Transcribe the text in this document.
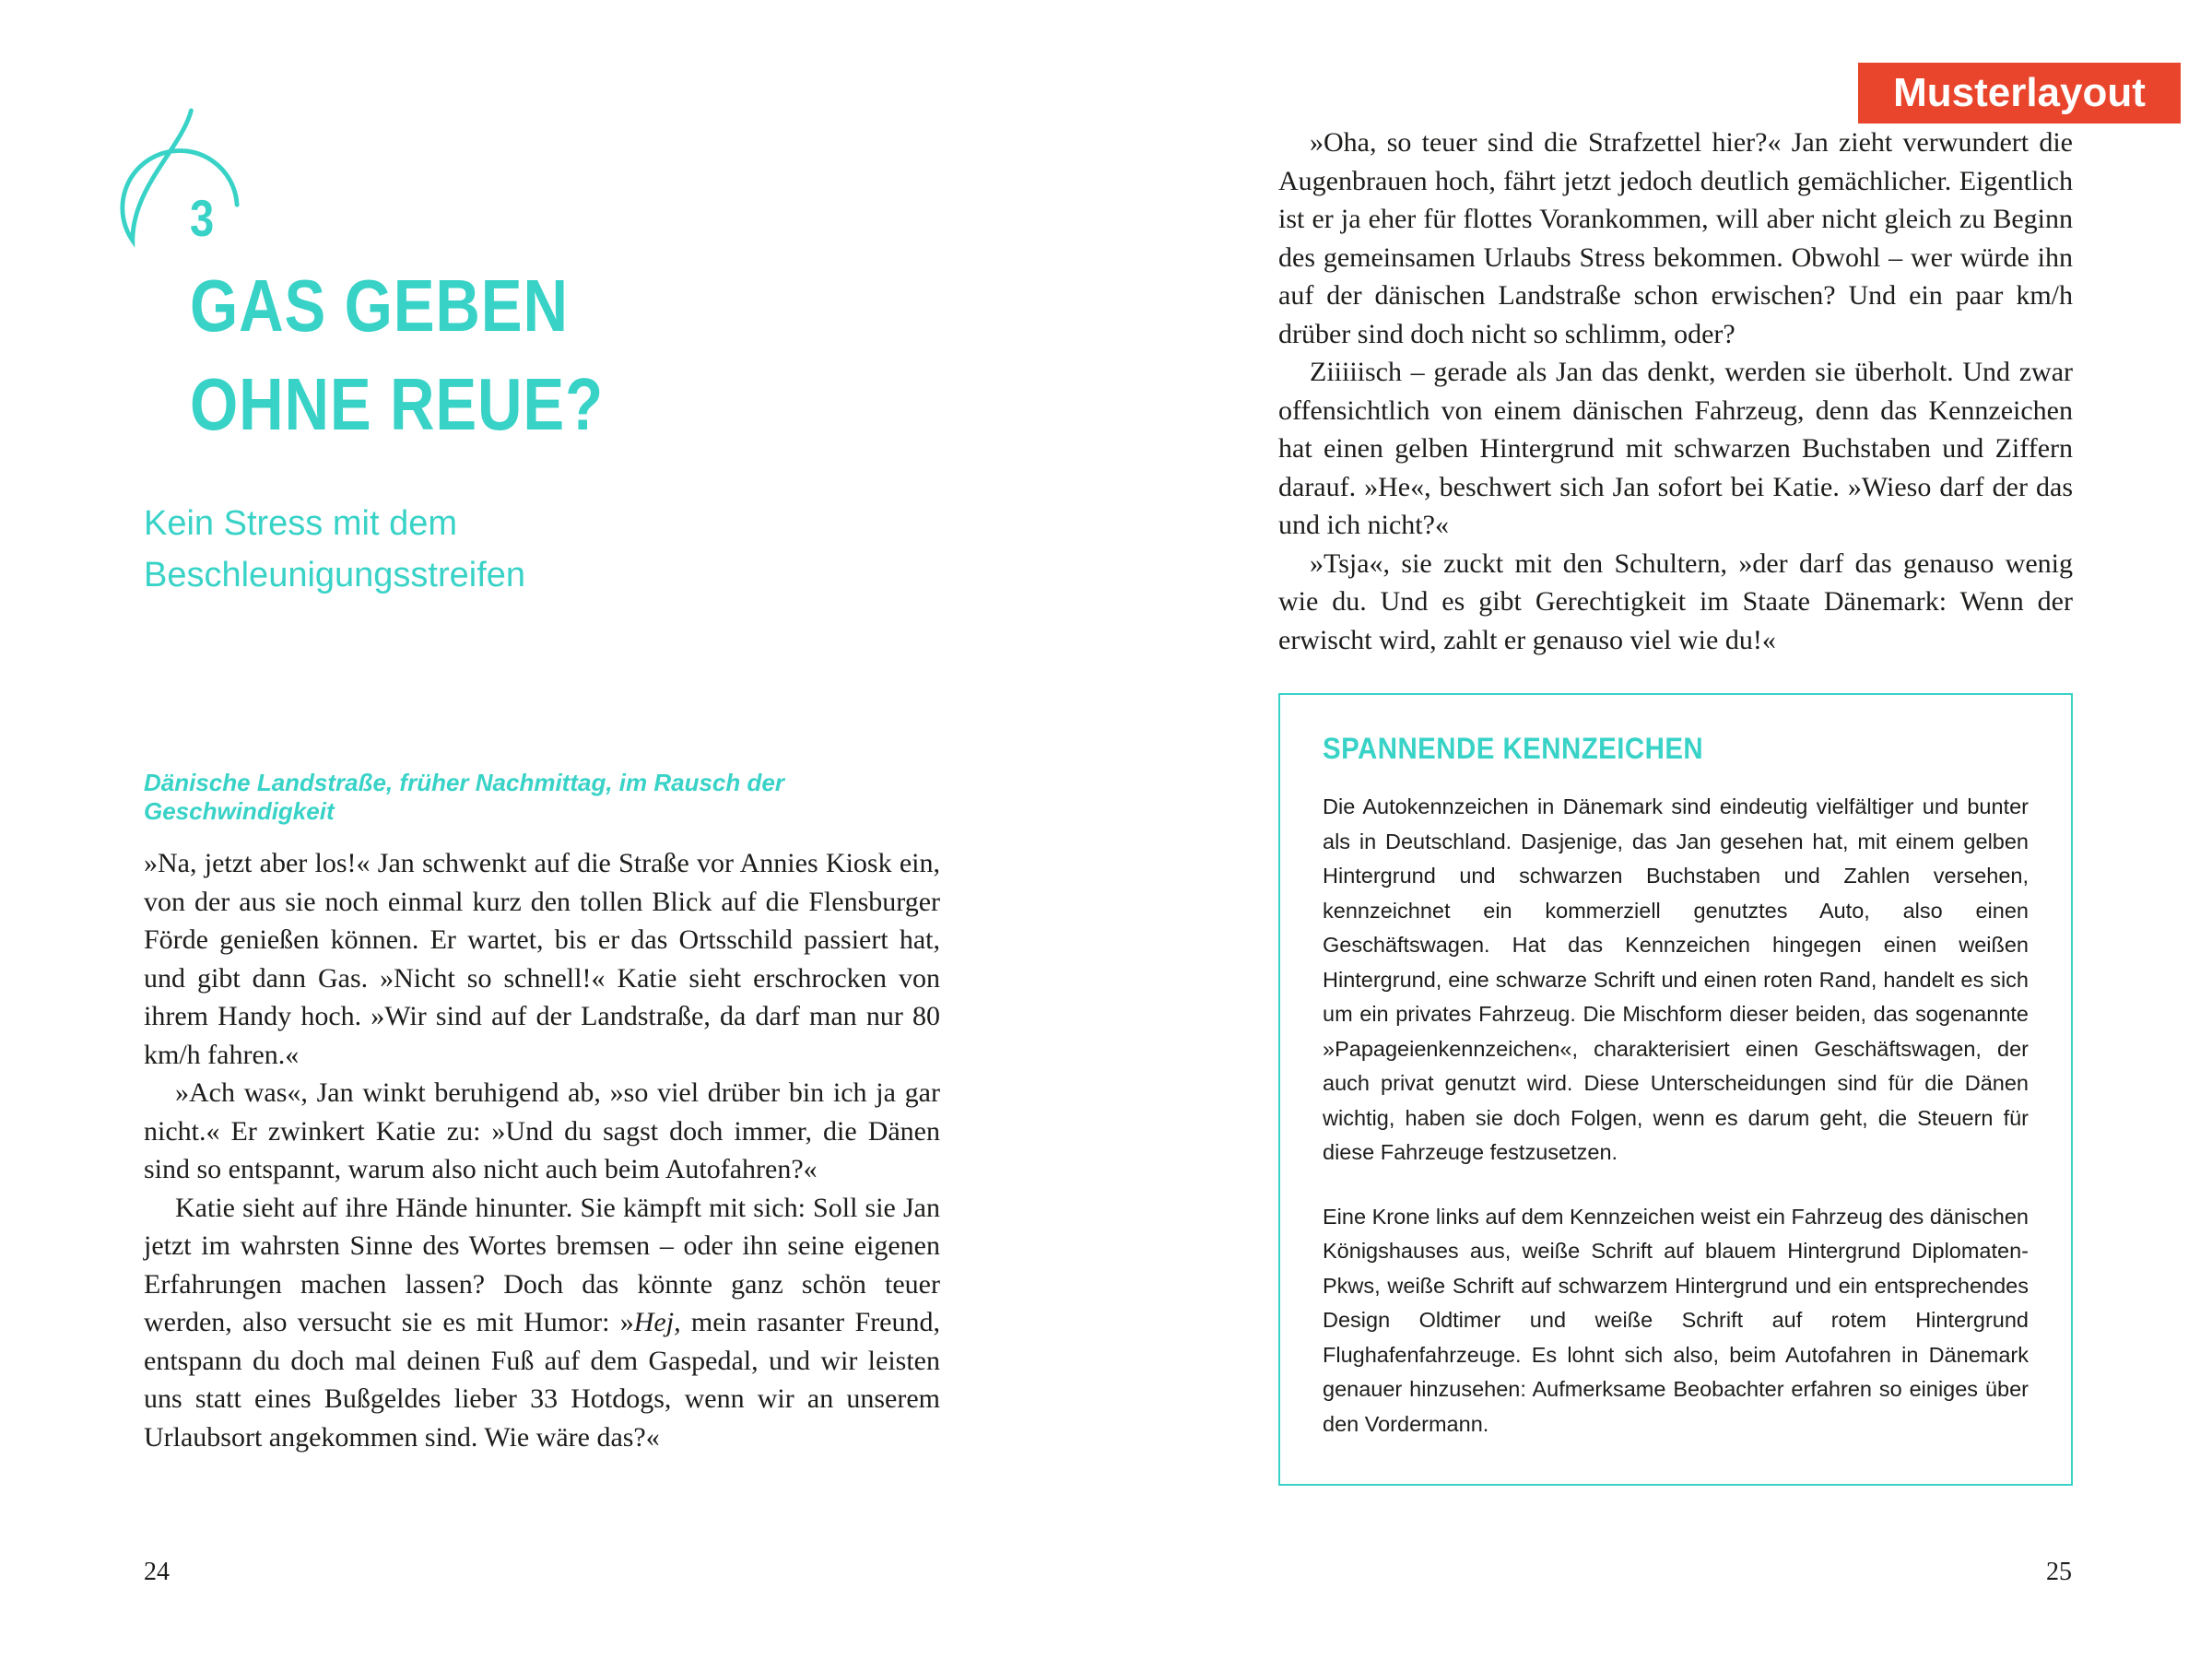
3
GAS GEBEN
OHNE REUE?
Kein Stress mit dem
Beschleunigungsstreifen
Dänische Landstraße, früher Nachmittag, im Rausch der Geschwindigkeit

»Na, jetzt aber los!« Jan schwenkt auf die Straße vor Annies Kiosk ein, von der aus sie noch einmal kurz den tollen Blick auf die Flensburger Förde genießen können. Er wartet, bis er das Ortsschild passiert hat, und gibt dann Gas. »Nicht so schnell!« Katie sieht erschrocken von ihrem Handy hoch. »Wir sind auf der Landstraße, da darf man nur 80 km/h fahren.«

»Ach was«, Jan winkt beruhigend ab, »so viel drüber bin ich ja gar nicht.« Er zwinkert Katie zu: »Und du sagst doch immer, die Dänen sind so entspannt, warum also nicht auch beim Autofahren?«

Katie sieht auf ihre Hände hinunter. Sie kämpft mit sich: Soll sie Jan jetzt im wahrsten Sinne des Wortes bremsen – oder ihn seine eigenen Erfahrungen machen lassen? Doch das könnte ganz schön teuer werden, also versucht sie es mit Humor: »Hej, mein rasanter Freund, entspann du doch mal deinen Fuß auf dem Gaspedal, und wir leisten uns statt eines Bußgeldes lieber 33 Hotdogs, wenn wir an unserem Urlaubsort angekommen sind. Wie wäre das?«

24
Musterlayout

»Oha, so teuer sind die Strafzettel hier?« Jan zieht verwundert die Augenbrauen hoch, fährt jetzt jedoch deutlich gemächlicher. Eigentlich ist er ja eher für flottes Vorankommen, will aber nicht gleich zu Beginn des gemeinsamen Urlaubs Stress bekommen. Obwohl – wer würde ihn auf der dänischen Landstraße schon erwischen? Und ein paar km/h drüber sind doch nicht so schlimm, oder?

Ziiiiisch – gerade als Jan das denkt, werden sie überholt. Und zwar offensichtlich von einem dänischen Fahrzeug, denn das Kennzeichen hat einen gelben Hintergrund mit schwarzen Buchstaben und Ziffern darauf. »He«, beschwert sich Jan sofort bei Katie. »Wieso darf der das und ich nicht?«

»Tsja«, sie zuckt mit den Schultern, »der darf das genauso wenig wie du. Und es gibt Gerechtigkeit im Staate Dänemark: Wenn der erwischt wird, zahlt er genauso viel wie du!«

SPANNENDE KENNZEICHEN

Die Autokennzeichen in Dänemark sind eindeutig vielfältiger und bunter als in Deutschland. Dasjenige, das Jan gesehen hat, mit einem gelben Hintergrund und schwarzen Buchstaben und Zahlen versehen, kennzeichnet ein kommerziell genutztes Auto, also einen Geschäftswagen. Hat das Kennzeichen hingegen einen weißen Hintergrund, eine schwarze Schrift und einen roten Rand, handelt es sich um ein privates Fahrzeug. Die Mischform dieser beiden, das sogenannte »Papageienkennzeichen«, charakterisiert einen Geschäftswagen, der auch privat genutzt wird. Diese Unterscheidungen sind für die Dänen wichtig, haben sie doch Folgen, wenn es darum geht, die Steuern für diese Fahrzeuge festzusetzen.

Eine Krone links auf dem Kennzeichen weist ein Fahrzeug des dänischen Königshauses aus, weiße Schrift auf blauem Hintergrund Diplomaten-Pkws, weiße Schrift auf schwarzem Hintergrund und ein entsprechendes Design Oldtimer und weiße Schrift auf rotem Hintergrund Flughafenfahrzeuge. Es lohnt sich also, beim Autofahren in Dänemark genauer hinzusehen: Aufmerksame Beobachter erfahren so einiges über den Vordermann.

25
